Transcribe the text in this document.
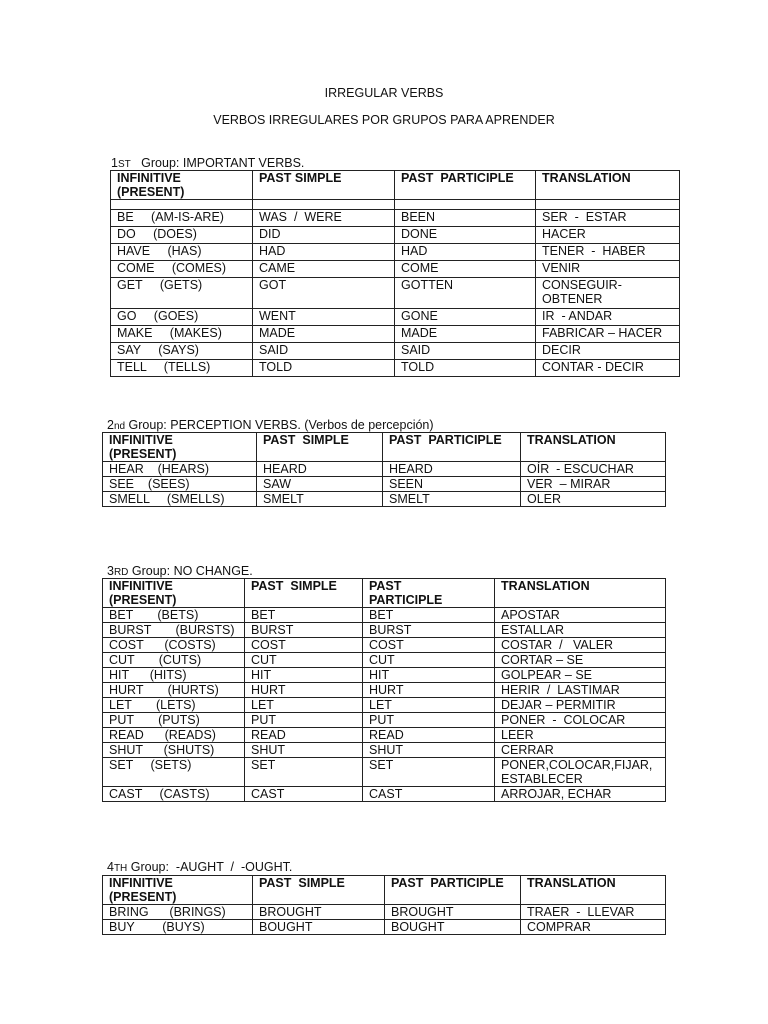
IRREGULAR VERBS
VERBOS IRREGULARES POR GRUPOS PARA APRENDER
1ST   Group: IMPORTANT VERBS.
INFINITIVE
(PRESENT)	PAST SIMPLE	PAST  PARTICIPLE	TRANSLATION

BE     (AM-IS-ARE)	WAS  /  WERE	BEEN	SER  -  ESTAR
DO     (DOES)	DID	DONE	HACER
HAVE     (HAS)	HAD	HAD	TENER  -  HABER
COME     (COMES)	CAME	COME	VENIR
GET     (GETS)	GOT	GOTTEN	CONSEGUIR-
OBTENER
GO     (GOES)	WENT	GONE	IR  - ANDAR
MAKE     (MAKES)	MADE	MADE	FABRICAR – HACER
SAY     (SAYS)	SAID	SAID	DECIR
TELL     (TELLS)	TOLD	TOLD	CONTAR - DECIR
2nd Group: PERCEPTION VERBS. (Verbos de percepción)
INFINITIVE
(PRESENT)	PAST  SIMPLE	PAST  PARTICIPLE	TRANSLATION
HEAR    (HEARS)	HEARD	HEARD	OÍR  - ESCUCHAR
SEE    (SEES)	SAW	SEEN	VER  – MIRAR
SMELL     (SMELLS)	SMELT	SMELT	OLER
3RD Group: NO CHANGE.
INFINITIVE
(PRESENT)	PAST  SIMPLE	PAST
PARTICIPLE	TRANSLATION
BET       (BETS)	BET	BET	APOSTAR
BURST       (BURSTS)	BURST	BURST	ESTALLAR
COST      (COSTS)	COST	COST	COSTAR  /   VALER
CUT       (CUTS)	CUT	CUT	CORTAR – SE
HIT      (HITS)	HIT	HIT	GOLPEAR – SE
HURT       (HURTS)	HURT	HURT	HERIR  /  LASTIMAR
LET       (LETS)	LET	LET	DEJAR – PERMITIR
PUT       (PUTS)	PUT	PUT	PONER  -  COLOCAR
READ      (READS)	READ	READ	LEER
SHUT      (SHUTS)	SHUT	SHUT	CERRAR
SET     (SETS)	SET	SET	PONER,COLOCAR,FIJAR,
ESTABLECER
CAST     (CASTS)	CAST	CAST	ARROJAR, ECHAR
4TH Group:  -AUGHT  /  -OUGHT.
INFINITIVE
(PRESENT)	PAST  SIMPLE	PAST  PARTICIPLE	TRANSLATION
BRING      (BRINGS)	BROUGHT	BROUGHT	TRAER  -  LLEVAR
BUY        (BUYS)	BOUGHT	BOUGHT	COMPRAR
